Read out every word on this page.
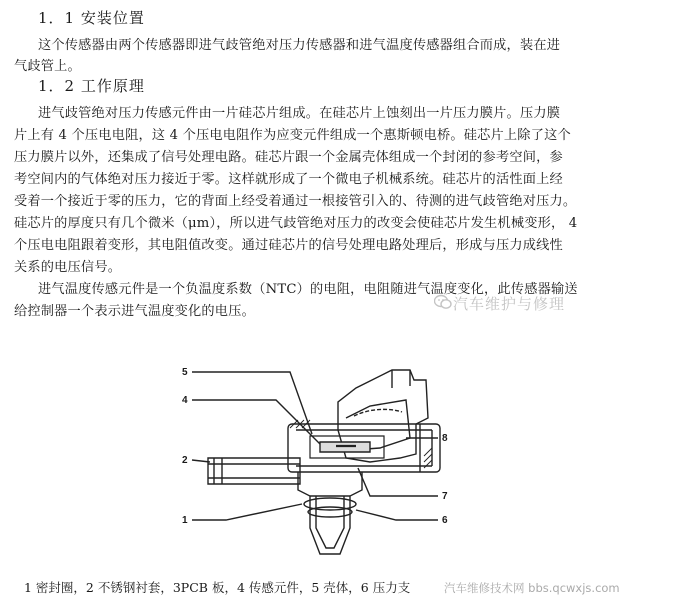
1．1 安装位置
这个传感器由两个传感器即进气歧管绝对压力传感器和进气温度传感器组合而成，装在进
气歧管上。
1．2 工作原理
进气歧管绝对压力传感元件由一片硅芯片组成。在硅芯片上蚀刻出一片压力膜片。压力膜
片上有 4 个压电电阻，这 4 个压电电阻作为应变元件组成一个惠斯顿电桥。硅芯片上除了这个
压力膜片以外，还集成了信号处理电路。硅芯片跟一个金属壳体组成一个封闭的参考空间，参
考空间内的气体绝对压力接近于零。这样就形成了一个微电子机械系统。硅芯片的活性面上经
受着一个接近于零的压力，它的背面上经受着通过一根接管引入的、待测的进气歧管绝对压力。
硅芯片的厚度只有几个微米（μm），所以进气歧管绝对压力的改变会使硅芯片发生机械变形， 4
个压电电阻跟着变形，其电阻值改变。通过硅芯片的信号处理电路处理后，形成与压力成线性
关系的电压信号。
进气温度传感元件是一个负温度系数（NTC）的电阻，电阻随进气温度变化，此传感器输送
给控制器一个表示进气温度变化的电压。	汽车维护与修理
5
4
2
1
8
7
6
1 密封圈，2 不锈钢衬套，3PCB 板，4 传感元件，5 壳体，6 压力支	汽车维修技术网 bbs.qcwxjs.com
